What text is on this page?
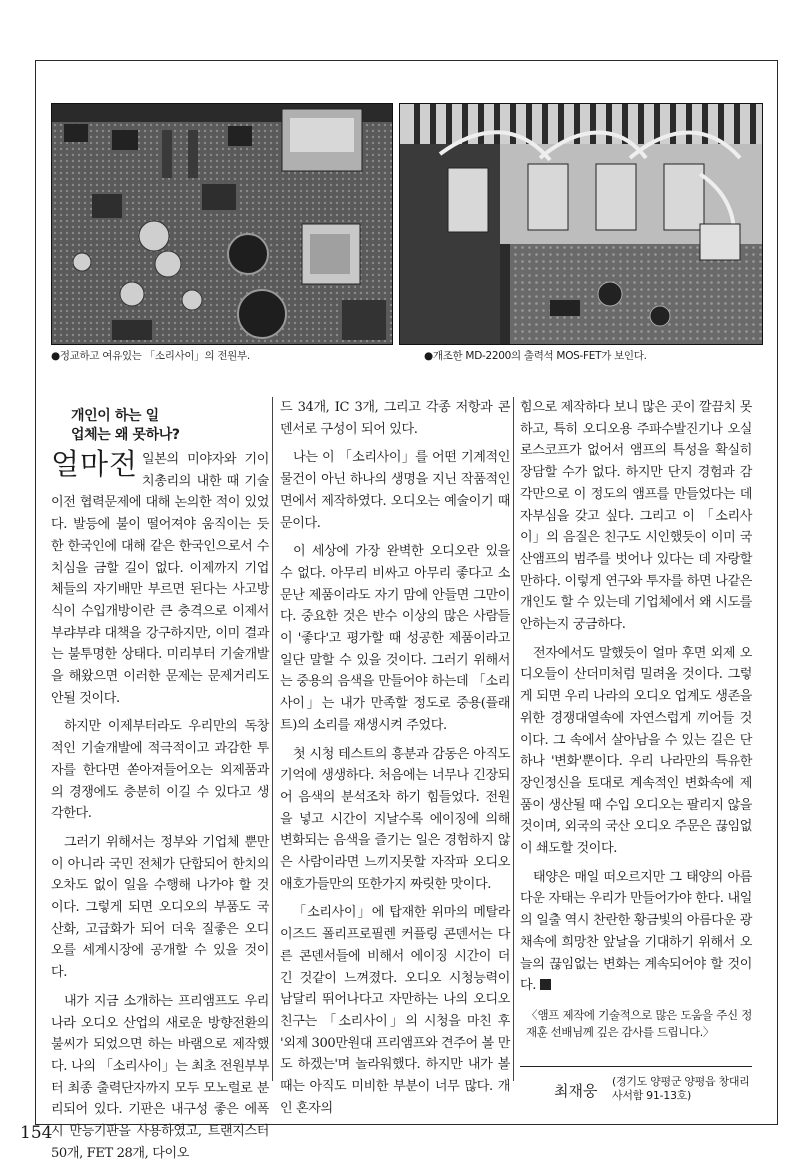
●정교하고 여유있는 「소리사이」의 전원부.	●개조한 MD-2200의 출력석 MOS-FET가 보인다.
개인이 하는 일
업체는 왜 못하나?

얼마전 일본의 미야자와 기이치총리의 내한 때 기술이전 협력문제에 대해 논의한 적이 있었다. 발등에 불이 떨어져야 움직이는 듯한 한국인에 대해 같은 한국인으로서 수치심을 금할 길이 없다. 이제까지 기업체들의 자기배만 부르면 된다는 사고방식이 수입개방이란 큰 충격으로 이제서 부랴부랴 대책을 강구하지만, 이미 결과는 불투명한 상태다. 미리부터 기술개발을 해왔으면 이러한 문제는 문제거리도 안될 것이다.

하지만 이제부터라도 우리만의 독창적인 기술개발에 적극적이고 과감한 투자를 한다면 쏟아져들어오는 외제품과의 경쟁에도 충분히 이길 수 있다고 생각한다.

그러기 위해서는 정부와 기업체 뿐만이 아니라 국민 전체가 단합되어 한치의 오차도 없이 일을 수행해 나가야 할 것이다. 그렇게 되면 오디오의 부품도 국산화, 고급화가 되어 더욱 질좋은 오디오를 세계시장에 공개할 수 있을 것이다.

내가 지금 소개하는 프리앰프도 우리 나라 오디오 산업의 새로운 방향전환의 불씨가 되었으면 하는 바램으로 제작했다. 나의 「소리사이」는 최초 전원부부터 최종 출력단자까지 모두 모노럴로 분리되어 있다. 기판은 내구성 좋은 에폭시 만능기판을 사용하였고, 트랜지스터 50개, FET 28개, 다이오

드 34개, IC 3개, 그리고 각종 저항과 콘덴서로 구성이 되어 있다.

나는 이 「소리사이」를 어떤 기계적인 물건이 아닌 하나의 생명을 지닌 작품적인 면에서 제작하였다. 오디오는 예술이기 때문이다.

이 세상에 가장 완벽한 오디오란 있을 수 없다. 아무리 비싸고 아무리 좋다고 소문난 제품이라도 자기 맘에 안들면 그만이다. 중요한 것은 반수 이상의 많은 사람들이 '좋다'고 평가할 때 성공한 제품이라고 일단 말할 수 있을 것이다. 그러기 위해서는 중용의 음색을 만들어야 하는데 「소리사이」는 내가 만족할 정도로 중용(플래트)의 소리를 재생시켜 주었다.

첫 시청 테스트의 흥분과 감동은 아직도 기억에 생생하다. 처음에는 너무나 긴장되어 음색의 분석조차 하기 힘들었다. 전원을 넣고 시간이 지날수록 에이징에 의해 변화되는 음색을 즐기는 일은 경험하지 않은 사람이라면 느끼지못할 자작파 오디오 애호가들만의 또한가지 짜릿한 맛이다.

「소리사이」에 탑재한 위마의 메탈라이즈드 폴리프로필렌 커플링 콘덴서는 다른 콘덴서들에 비해서 에이징 시간이 더 긴 것같이 느껴졌다. 오디오 시청능력이 남달리 뛰어나다고 자만하는 나의 오디오 친구는 「소리사이」의 시청을 마친 후 '외제 300만원대 프리앰프와 견주어 볼 만도 하겠는'며 놀라워했다. 하지만 내가 볼 때는 아직도 미비한 부분이 너무 많다. 개인 혼자의

힘으로 제작하다 보니 많은 곳이 깔끔치 못하고, 특히 오디오용 주파수발진기나 오실로스코프가 없어서 앰프의 특성을 확실히 장담할 수가 없다. 하지만 단지 경험과 감각만으로 이 정도의 앰프를 만들었다는 데 자부심을 갖고 싶다. 그리고 이 「소리사이」의 음질은 친구도 시인했듯이 이미 국산앰프의 범주를 벗어나 있다는 데 자랑할 만하다. 이렇게 연구와 투자를 하면 나같은 개인도 할 수 있는데 기업체에서 왜 시도를 안하는지 궁금하다.

전자에서도 말했듯이 얼마 후면 외제 오디오들이 산더미처럼 밀려올 것이다. 그렇게 되면 우리 나라의 오디오 업계도 생존을 위한 경쟁대열속에 자연스럽게 끼어들 것이다. 그 속에서 살아남을 수 있는 길은 단 하나 '변화'뿐이다. 우리 나라만의 특유한 장인정신을 토대로 계속적인 변화속에 제품이 생산될 때 수입 오디오는 팔리지 않을 것이며, 외국의 국산 오디오 주문은 끊임없이 쇄도할 것이다.

태양은 매일 떠오르지만 그 태양의 아름다운 자태는 우리가 만들어가야 한다. 내일의 일출 역시 찬란한 황금빛의 아름다운 광채속에 희망찬 앞날을 기대하기 위해서 오늘의 끊임없는 변화는 계속되어야 할 것이다.

〈앰프 제작에 기술적으로 많은 도움을 주신 정재훈 선배님께 깊은 감사를 드립니다.〉
최재웅
(경기도 양평군 양평읍 창대리 사서함 91-13호)
154
